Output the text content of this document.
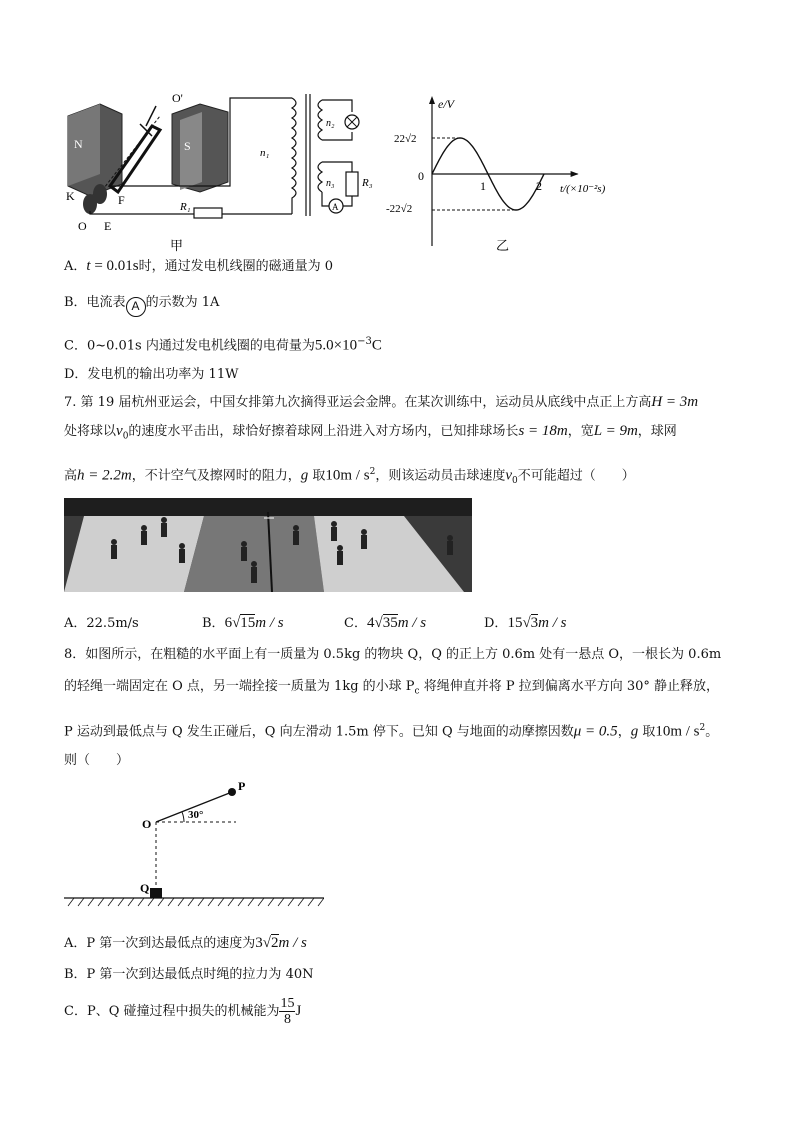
N	S
O'
K	F
O E
n₁
n₂
n₃
R₁
R₃
A
甲
e/V
t/(×10⁻²s)
22√2
-22√2
0
1	2
乙
A．t = 0.01s时，通过发电机线圈的磁通量为 0
B．电流表 A 的示数为 1A
C．0~0.01s 内通过发电机线圈的电荷量为$5.0\times 10^{-3}C$
D．发电机的输出功率为 11W
7. 第 19 届杭州亚运会，中国女排第九次摘得亚运会金牌。在某次训练中，运动员从底线中点正上方高H = 3m
处将球以$v_0$的速度水平击出，球恰好擦着球网上沿进入对方场内，已知排球场长s = 18m，宽L = 9m，球网
高h = 2.2m，不计空气及擦网时的阻力，g 取$10m / s^2$，则该运动员击球速度$v_0$不可能超过（　　）
A．22.5m/s	B．6√15m / s	C．4√35m / s	D．15√3m / s
8．如图所示，在粗糙的水平面上有一质量为 0.5kg 的物块 Q，Q 的正上方 0.6m 处有一悬点 O，一根长为 0.6m
的轻绳一端固定在 O 点，另一端拴接一质量为 1kg 的小球 $P_c$ 将绳伸直并将 P 拉到偏离水平方向 30° 静止释放，
P 运动到最低点与 Q 发生正碰后，Q 向左滑动 1.5m 停下。已知 Q 与地面的动摩擦因数μ = 0.5，g 取$10m / s^2$。
则（　　）
P
O
Q
30°
A．P 第一次到达最低点的速度为3√2m / s
B．P 第一次到达最低点时绳的拉力为 40N
C．P、Q 碰撞过程中损失的机械能为 $\frac{15}{8}$ J
